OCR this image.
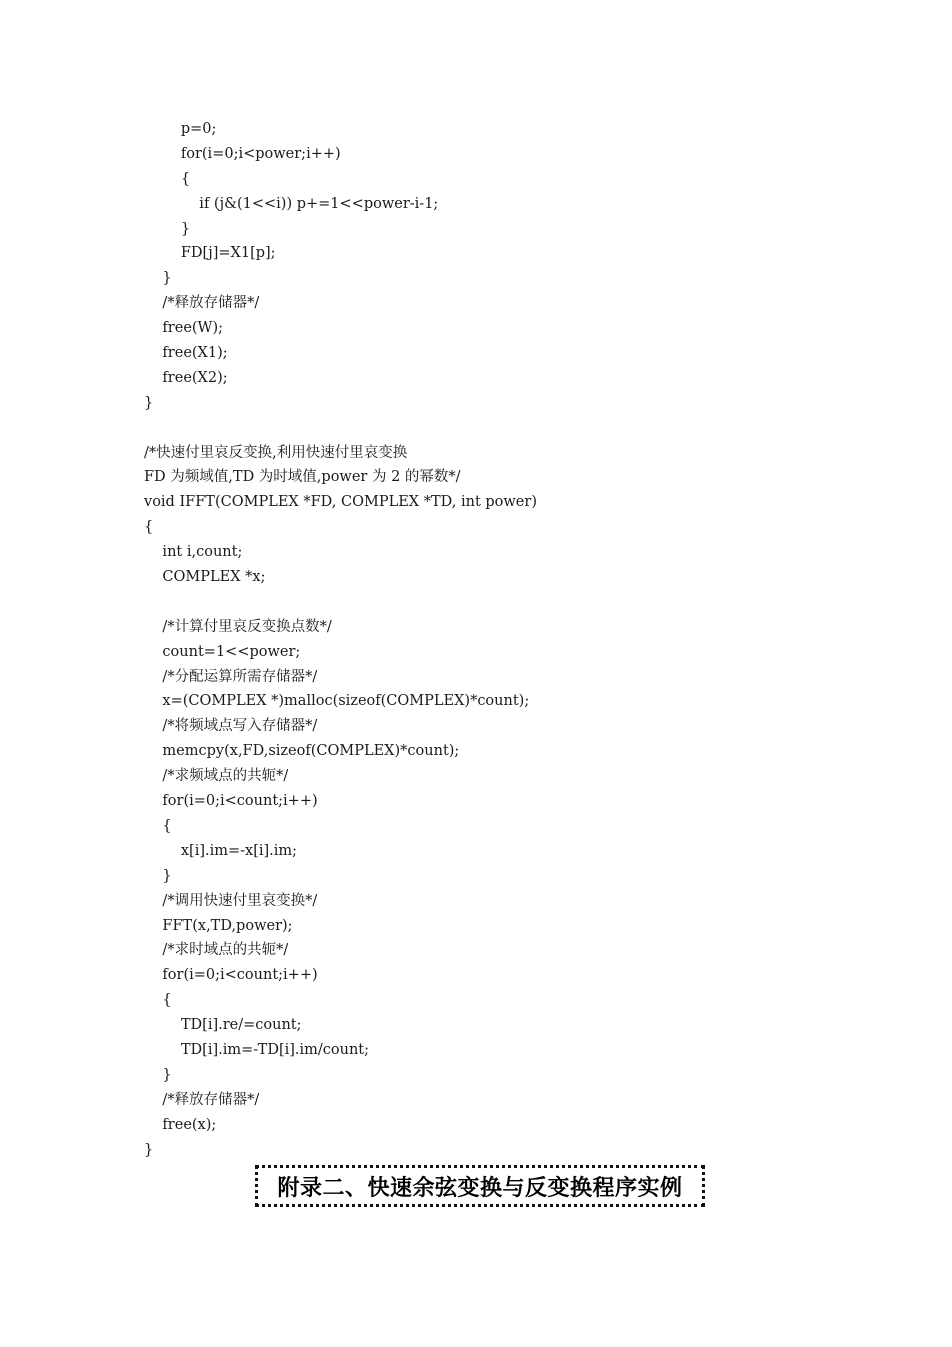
p=0;
for(i=0;i<power;i++)
{
if (j&(1<<i)) p+=1<<power-i-1;
}
FD[j]=X1[p];
}
/*释放存储器*/
free(W);
free(X1);
free(X2);
}
/*快速付里哀反变换,利用快速付里哀变换
FD 为频域值,TD 为时域值,power 为 2 的幂数*/
void IFFT(COMPLEX *FD, COMPLEX *TD, int power)
{
int i,count;
COMPLEX *x;
/*计算付里哀反变换点数*/
count=1<<power;
/*分配运算所需存储器*/
x=(COMPLEX *)malloc(sizeof(COMPLEX)*count);
/*将频域点写入存储器*/
memcpy(x,FD,sizeof(COMPLEX)*count);
/*求频域点的共轭*/
for(i=0;i<count;i++)
{
x[i].im=-x[i].im;
}
/*调用快速付里哀变换*/
FFT(x,TD,power);
/*求时域点的共轭*/
for(i=0;i<count;i++)
{
TD[i].re/=count;
TD[i].im=-TD[i].im/count;
}
/*释放存储器*/
free(x);
}
附录二、快速余弦变换与反变换程序实例
